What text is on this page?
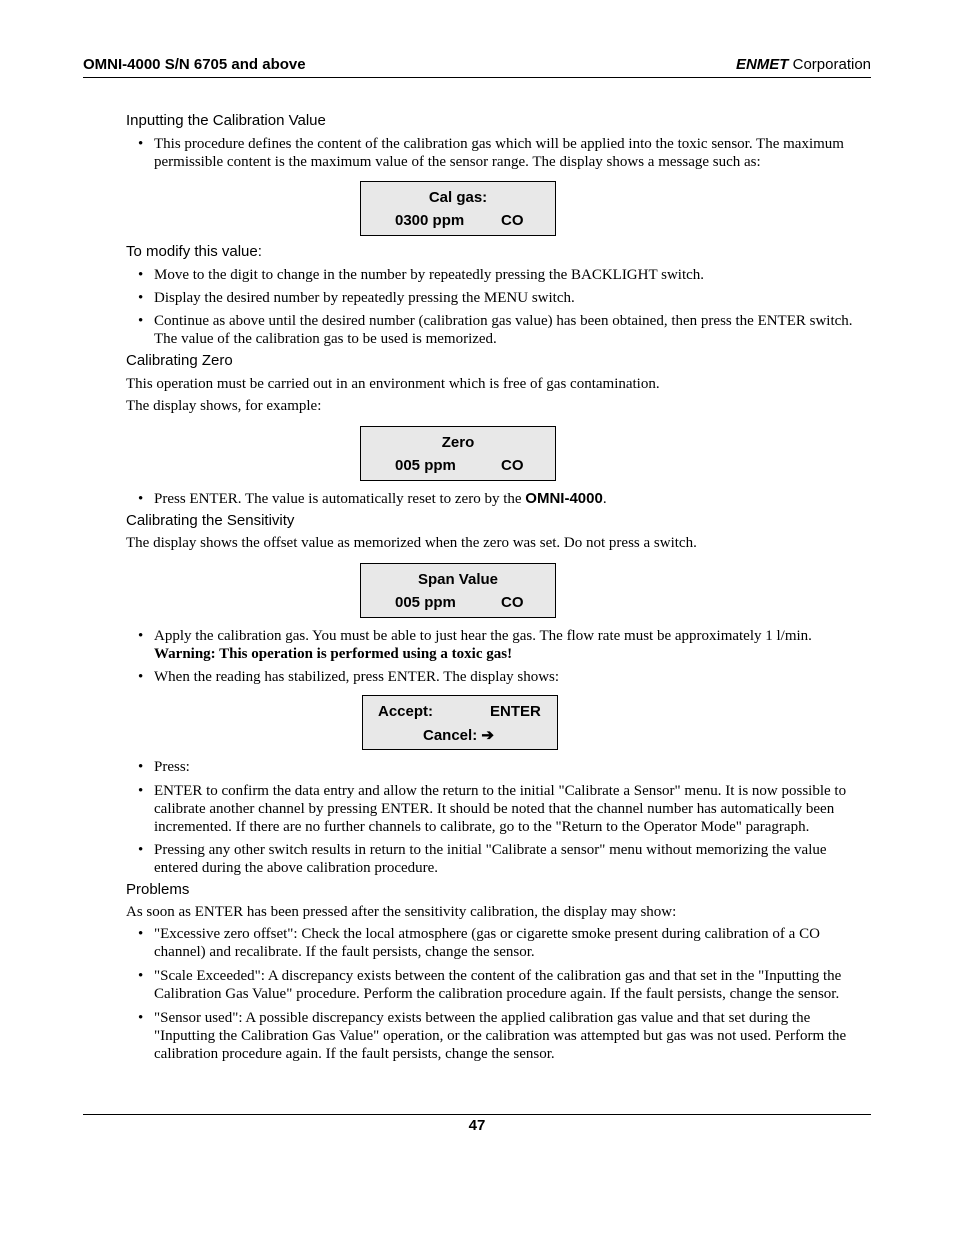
OMNI-4000 S/N 6705 and above	ENMET Corporation

Inputting the Calibration Value

• This procedure defines the content of the calibration gas which will be applied into the toxic sensor. The maximum permissible content is the maximum value of the sensor range. The display shows a message such as:
Cal gas:
0300 ppm CO

To modify this value:

• Move to the digit to change in the number by repeatedly pressing the BACKLIGHT switch.
• Display the desired number by repeatedly pressing the MENU switch.
• Continue as above until the desired number (calibration gas value) has been obtained, then press the ENTER switch. The value of the calibration gas to be used is memorized.

Calibrating Zero

This operation must be carried out in an environment which is free of gas contamination.

The display shows, for example:

Zero
005 ppm	CO
• Press ENTER. The value is automatically reset to zero by the OMNI-4000.

Calibrating the Sensitivity

The display shows the offset value as memorized when the zero was set. Do not press a switch.

Span Value
005 ppm	CO
• Apply the calibration gas. You must be able to just hear the gas. The flow rate must be approximately 1 l/min.
Warning: This operation is performed using a toxic gas!
• When the reading has stabilized, press ENTER. The display shows:
Accept:	ENTER
Cancel: ➔
• Press:
• ENTER to confirm the data entry and allow the return to the initial "Calibrate a Sensor" menu. It is now possible to calibrate another channel by pressing ENTER. It should be noted that the channel number has automatically been incremented. If there are no further channels to calibrate, go to the "Return to the Operator Mode" paragraph.
• Pressing any other switch results in return to the initial "Calibrate a sensor" menu without memorizing the value entered during the above calibration procedure.

Problems

As soon as ENTER has been pressed after the sensitivity calibration, the display may show:

• "Excessive zero offset": Check the local atmosphere (gas or cigarette smoke present during calibration of a CO channel) and recalibrate. If the fault persists, change the sensor.
• "Scale Exceeded": A discrepancy exists between the content of the calibration gas and that set in the "Inputting the Calibration Gas Value" procedure. Perform the calibration procedure again. If the fault persists, change the sensor.
• "Sensor used": A possible discrepancy exists between the applied calibration gas value and that set during the "Inputting the Calibration Gas Value" operation, or the calibration was attempted but gas was not used. Perform the calibration procedure again. If the fault persists, change the sensor.
47
